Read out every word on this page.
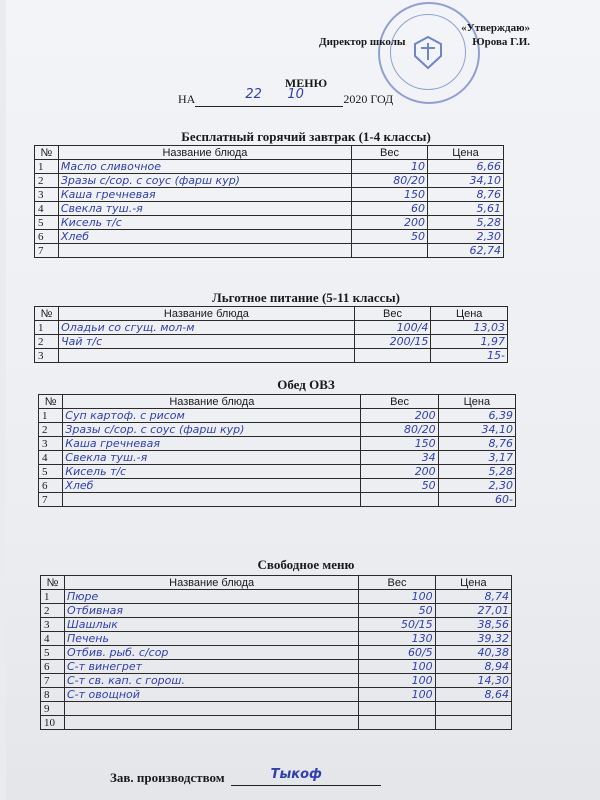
«Утверждаю»
Директор школы	Юрова Г.И.
МЕНЮ
НА	22 10	2020 ГОД
Бесплатный горячий завтрак (1-4 классы)
№	Название блюда	Вес	Цена
1	Масло сливочное	10	6,66
2	Зразы с/сор. с соус (фарш кур)	80/20	34,10
3	Каша гречневая	150	8,76
4	Свекла туш.-я	60	5,61
5	Кисель т/с	200	5,28
6	Хлеб	50	2,30
7			62,74
Льготное питание (5-11 классы)
№	Название блюда	Вес	Цена
1	Оладьи со сгущ. мол-м	100/4	13,03
2	Чай т/с	200/15	1,97
3			15-
Обед ОВЗ
№	Название блюда	Вес	Цена
1	Суп картоф. с рисом	200	6,39
2	Зразы с/сор. с соус (фарш кур)	80/20	34,10
3	Каша гречневая	150	8,76
4	Свекла туш.-я	34	3,17
5	Кисель т/с	200	5,28
6	Хлеб	50	2,30
7			60-
Свободное меню
№	Название блюда	Вес	Цена
1	Пюре	100	8,74
2	Отбивная	50	27,01
3	Шашлык	50/15	38,56
4	Печень	130	39,32
5	Отбив. рыб. с/сор	60/5	40,38
6	С-т винегрет	100	8,94
7	С-т св. кап. с горош.	100	14,30
8	С-т овощной	100	8,64
9			
10			
Зав. производством	Тыкоф
